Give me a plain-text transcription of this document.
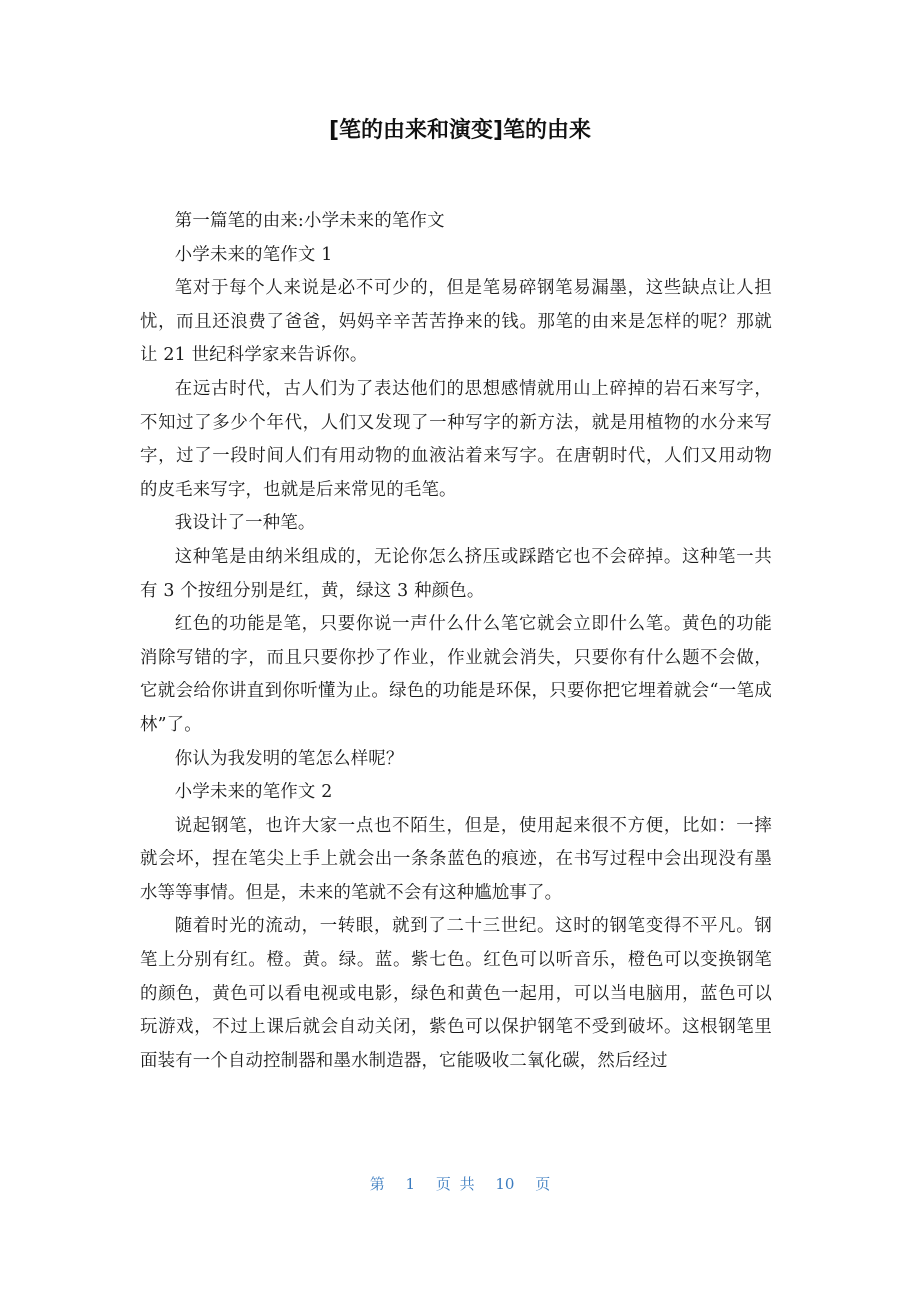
[笔的由来和演变]笔的由来

第一篇笔的由来:小学未来的笔作文

小学未来的笔作文 1

笔对于每个人来说是必不可少的，但是笔易碎钢笔易漏墨，这些缺点让人担忧，而且还浪费了爸爸，妈妈辛辛苦苦挣来的钱。那笔的由来是怎样的呢？那就让 21 世纪科学家来告诉你。

在远古时代，古人们为了表达他们的思想感情就用山上碎掉的岩石来写字，不知过了多少个年代，人们又发现了一种写字的新方法，就是用植物的水分来写字，过了一段时间人们有用动物的血液沾着来写字。在唐朝时代，人们又用动物的皮毛来写字，也就是后来常见的毛笔。

我设计了一种笔。

这种笔是由纳米组成的，无论你怎么挤压或踩踏它也不会碎掉。这种笔一共有 3 个按纽分别是红，黄，绿这 3 种颜色。

红色的功能是笔，只要你说一声什么什么笔它就会立即什么笔。黄色的功能消除写错的字，而且只要你抄了作业，作业就会消失，只要你有什么题不会做，它就会给你讲直到你听懂为止。绿色的功能是环保，只要你把它埋着就会“一笔成林”了。

你认为我发明的笔怎么样呢？

小学未来的笔作文 2

说起钢笔，也许大家一点也不陌生，但是，使用起来很不方便，比如：一摔就会坏，捏在笔尖上手上就会出一条条蓝色的痕迹，在书写过程中会出现没有墨水等等事情。但是，未来的笔就不会有这种尴尬事了。

随着时光的流动，一转眼，就到了二十三世纪。这时的钢笔变得不平凡。钢笔上分别有红。橙。黄。绿。蓝。紫七色。红色可以听音乐，橙色可以变换钢笔的颜色，黄色可以看电视或电影，绿色和黄色一起用，可以当电脑用，蓝色可以玩游戏，不过上课后就会自动关闭，紫色可以保护钢笔不受到破坏。这根钢笔里面装有一个自动控制器和墨水制造器，它能吸收二氧化碳，然后经过

第 1 页 共 10 页
